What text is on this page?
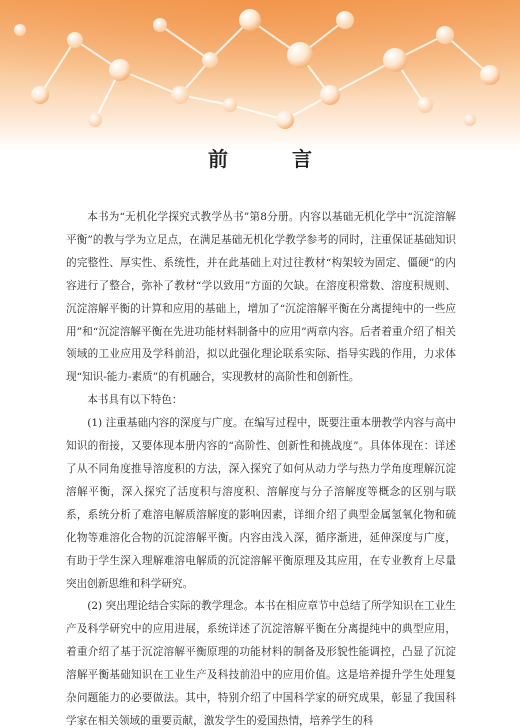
前　言

本书为“无机化学探究式教学丛书”第8分册。内容以基础无机化学中“沉淀溶解平衡”的教与学为立足点，在满足基础无机化学教学参考的同时，注重保证基础知识的完整性、厚实性、系统性，并在此基础上对过往教材“构架较为固定、僵硬”的内容进行了整合，弥补了教材“学以致用”方面的欠缺。在溶度积常数、溶度积规则、沉淀溶解平衡的计算和应用的基础上，增加了“沉淀溶解平衡在分离提纯中的一些应用”和“沉淀溶解平衡在先进功能材料制备中的应用”两章内容。后者着重介绍了相关领域的工业应用及学科前沿，拟以此强化理论联系实际、指导实践的作用，力求体现“知识-能力-素质”的有机融合，实现教材的高阶性和创新性。

本书具有以下特色：

(1) 注重基础内容的深度与广度。在编写过程中，既要注重本册教学内容与高中知识的衔接，又要体现本册内容的“高阶性、创新性和挑战度”。具体体现在：详述了从不同角度推导溶度积的方法，深入探究了如何从动力学与热力学角度理解沉淀溶解平衡，深入探究了活度积与溶度积、溶解度与分子溶解度等概念的区别与联系，系统分析了难溶电解质溶解度的影响因素，详细介绍了典型金属氢氧化物和硫化物等难溶化合物的沉淀溶解平衡。内容由浅入深，循序渐进，延伸深度与广度，有助于学生深入理解难溶电解质的沉淀溶解平衡原理及其应用，在专业教育上尽量突出创新思维和科学研究。

(2) 突出理论结合实际的教学理念。本书在相应章节中总结了所学知识在工业生产及科学研究中的应用进展，系统详述了沉淀溶解平衡在分离提纯中的典型应用，着重介绍了基于沉淀溶解平衡原理的功能材料的制备及形貌性能调控，凸显了沉淀溶解平衡基础知识在工业生产及科技前沿中的应用价值。这是培养提升学生处理复杂问题能力的必要做法。其中，特别介绍了中国科学家的研究成果，彰显了我国科学家在相关领域的重要贡献，激发学生的爱国热情，培养学生的科
